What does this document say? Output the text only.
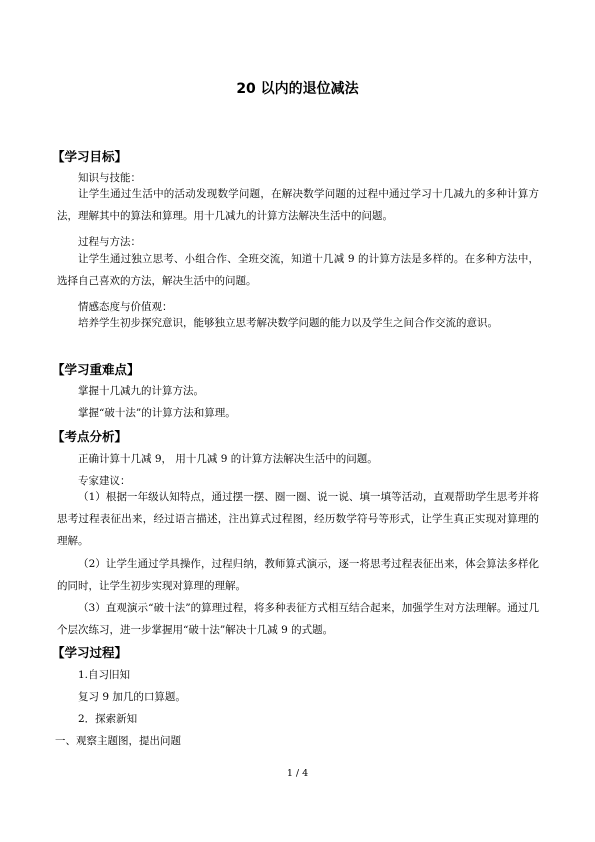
20 以内的退位减法
【学习目标】
知识与技能：
让学生通过生活中的活动发现数学问题，在解决数学问题的过程中通过学习十几减九的多种计算方法，理解其中的算法和算理。用十几减九的计算方法解决生活中的问题。
过程与方法：
让学生通过独立思考、小组合作、全班交流，知道十几减 9 的计算方法是多样的。在多种方法中，选择自己喜欢的方法，解决生活中的问题。
情感态度与价值观：
培养学生初步探究意识，能够独立思考解决数学问题的能力以及学生之间合作交流的意识。
【学习重难点】
掌握十几减九的计算方法。
掌握“破十法”的计算方法和算理。
【考点分析】
正确计算十几减 9， 用十几减 9 的计算方法解决生活中的问题。
专家建议：
（1）根据一年级认知特点，通过摆一摆、圈一圈、说一说、填一填等活动，直观帮助学生思考并将思考过程表征出来，经过语言描述，注出算式过程图，经历数学符号等形式，让学生真正实现对算理的理解。
（2）让学生通过学具操作，过程归纳，教师算式演示，逐一将思考过程表征出来，体会算法多样化的同时，让学生初步实现对算理的理解。
（3）直观演示“破十法”的算理过程，将多种表征方式相互结合起来，加强学生对方法理解。通过几个层次练习，进一步掌握用“破十法”解决十几减 9 的式题。
【学习过程】
1.自习旧知
复习 9 加几的口算题。
2．探索新知
一、观察主题图，提出问题
1 / 4
